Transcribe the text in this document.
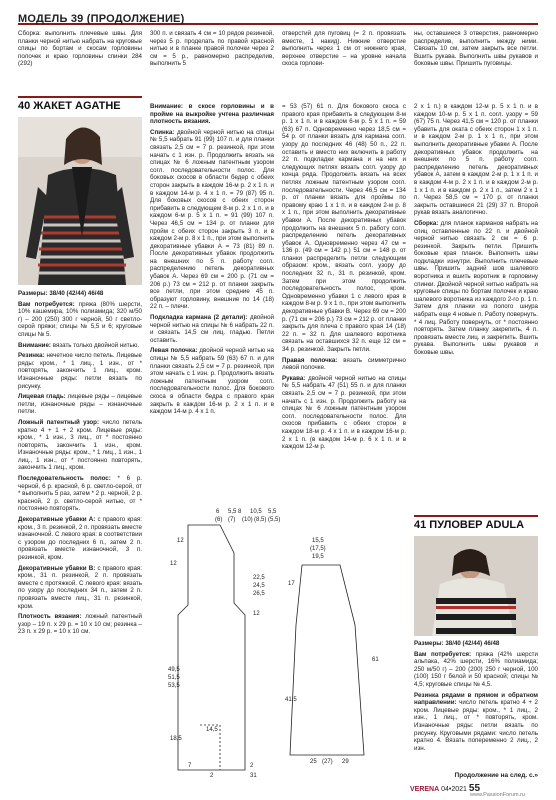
МОДЕЛЬ 39 (ПРОДОЛЖЕНИЕ)
Сборка: выполнить плечевые швы. Для планки черной нитью набрать на круговые спицы по бортам и скосам горловины полочек и краю горловины спинки 284 (292)
300 п. и связать 4 см = 10 рядов резинкой, через 5 р. проделать по правой красной нитью и в планке правой полочки через 2 см = 5 р., равномерно распределив, выполнить 5
отверстий для пуговиц (= 2 п. провязать вместе, 1 накид). Нижние отверстие выполнить через 1 см от нижнего края, верхнее отверстие – на уровне начала скоса горлови-
ны, оставшиеся 3 отверстия, равномерно распределив, выполнить между ними. Связать 10 см, затем закрыть все петли. Вшить рукава. Выполнить швы рукавов и боковые швы. Пришить пуговицы.
40 ЖАКЕТ AGATHE

Размеры: 38/40 (42/44) 46/48

Вам потребуется: пряжа (80% шерсти, 10% кашемира, 10% полиамида; 320 м/50 г) – 200 (250) 300 г черной, 50 г светло-серой пряжи; спицы № 5,5 и 6; круговые спицы № 5.

Внимание: вязать только двойной нитью.

Резинка: нечетное число петель. Лицевые ряды: кром., * 1 лиц., 1 изн., от * повторять, закончить 1 лиц., кром. Изнаночные ряды: петли вязать по рисунку.

Лицевая гладь: лицевые ряды – лицевые петли, изнаночные ряды – изнаночные петли.

Ложный патентный узор: число петель кратно 4 + 1 + 2 кром. Лицевые ряды: кром., * 1 изн., 3 лиц., от * постоянно повторять, закончить 1 изн., кром. Изнаночные ряды: кром., * 1 лиц., 1 изн., 1 лиц., 1 изн., от * постоянно повторять, закончить 1 лиц., кром.

Последовательность полос: * 6 р. черной, 6 р. красной, 6 р. светло-серой, от * выполнить 5 раз, затем * 2 р. черной, 2 р. красной, 2 р. светло-серой нитью, от * постоянно повторять.

Декоративные убавки А: с правого края: кром., 3 п. резинкой, 2 п. провязать вместе изнаночной. С левого края: в соответствии с узором до последних 6 п., затем 2 п. провязать вместе изнаночной, 3 п. резинкой, кром.

Декоративные убавки В: с правого края: кром., 31 п. резинкой, 2 п. провязать вместе с протяжкой. С левого края: вязать по узору до последних 34 п., затем 2 п. провязать вместе лиц., 31 п. резинкой, кром.

Плотность вязания: ложный патентный узор – 19 п. x 29 р. = 10 x 10 см; резинка – 23 п. x 29 р. = 10 x 10 см.

Внимание: в скосе горловины и в пройме на выкройке учтена различная плотность вязания.

Спинка: двойной черной нитью на спицы № 5,5 набрать 91 (99) 107 п. и для планки связать 2,5 см = 7 р. резинкой, при этом начать с 1 изн. р. Продолжить вязать на спицах № 6 ложным патентным узором согл. последовательности полос. Для боковых скосов в области бедер с обеих сторон закрыть в каждом 16-м р. 2 x 1 п. и в каждом 14-м р. 4 x 1 п. = 79 (87) 95 п. Для боковых скосов с обеих сторон прибавить в следующем 8-м р. 2 x 1 п. и в каждом 6-м р. 5 x 1 п. = 91 (99) 107 п. Через 46,5 см = 134 р. от планки для пройм с обеих сторон закрыть 3 п. и в каждом 2-м р. 8 x 1 п., при этом выполнить декоративные убавки А = 73 (81) 89 п. После декоративных убавок продолжить на внешних по 5 п. работу согл. распределению петель декоративных убавок А. Через 69 см = 200 р. (71 см = 206 р.) 73 см = 212 р. от планки закрыть все петли, при этом средние 45 п. образуют горловину, внешние по 14 (18) 22 п. – плечи.

Подкладка кармана (2 детали): двойной черной нитью на спицы № 6 набрать 22 п. и связать 14,5 см лиц. гладью. Петли оставить.

Левая полочка: двойной черной нитью на спицы № 5,5 набрать 59 (63) 67 п. и для планки связать 2,5 см = 7 р. резинкой, при этом начать с 1 изн. р. Продолжить вязать ложным патентным узором согл. последовательности полос. Для бокового скоса в области бедра с правого края закрыть в каждом 16-м р. 2 x 1 п. и в каждом 14-м р. 4 x 1 п.

= 53 (57) 61 п. Для бокового скоса с правого края прибавить в следующем 8-м р. 1 x 1 п. и в каждом 6-м р. 5 x 1 п. = 59 (63) 67 п. Одновременно через 18,5 см = 54 р. от планки вязать для кармана согл. узору до последних 46 (48) 50 п., 22 п. оставить и вместо них включить в работу 22 п. подкладки кармана и на них и следующих петлях вязать согл. узору до конца ряда. Продолжить вязать на всех петлях ложным патентным узором согл. последовательности. Через 46,5 см = 134 р. от планки вязать для проймы по правому краю 1 x 1 п. и в каждом 2-м р. 8 x 1 п., при этом выполнить декоративные убавки А. После декоративных убавок продолжить на внешних 5 п. работу согл. распределению петель декоративных убавок А. Одновременно через 47 см = 136 р. (49 см = 142 р.) 51 см = 148 р. от планки распределить петли следующим образом: кром., вязать согл. узору до последних 32 п., 31 п. резинкой, кром. Затем при этом продолжить последовательность полос, кром. Одновременно убавки 1 с левого края в каждом 8-м р. 9 x 1 п., при этом выполнить декоративные убавки В. Через 69 см = 200 р. (71 см = 206 р.) 73 см = 212 р. от планки закрыть для плеча с правого края 14 (18) 22 п. = 32 п. Для шалевого воротника связать на оставшихся 32 п. еще 12 см = 34 р. резинкой. Закрыть петли.

Правая полочка: вязать симметрично левой полочке.

Рукава: двойной черной нитью на спицы № 5,5 набрать 47 (51) 55 п. и для планки связать 2,5 см = 7 р. резинкой, при этом начать с 1 изн. р. Продолжить работу на спицах № 6 ложным патентным узором согл. последовательности полос. Для скосов прибавить с обеих сторон в каждом 18-м р. 4 x 1 п. и в каждом 16-м р. 2 x 1 п. (в каждом 14-м р. 6 x 1 п. и в каждом 12-м р.

2 x 1 п.) в каждом 12-м р. 5 x 1 п. и в каждом 10-м р. 5 x 1 п. согл. узору = 59 (67) 75 п. Через 41,5 см = 120 р. от планки убавить для оката с обеих сторон 1 x 1 п. и в каждом 2-м р. 1 x 1 п., при этом выполнить декоративные убавки А. После декоративных убавок продолжить на внешних по 5 п. работу согл. распределению петель декоративных убавок А, затем в каждом 2-м р. 1 x 1 п. и в каждом 4-м р. 2 x 1 п. и в каждом 2-м р. 1 x 1 п. и в каждом р. 2 x 1 п., затем 2 x 1 п. Через 58,5 см = 170 р. от планки закрыть оставшиеся 21 (29) 37 п. Второй рукав вязать аналогично.

Сборка: для планок карманов набрать на спиц оставленные по 22 п. и двойной черной нитью связать 2 см = 6 р. резинкой. Закрыть петли. Пришить боковые края планок. Выполнить швы подкладки изнутри. Выполнить плечевые швы. Пришить задний шов шалевого воротника и вшить воротник в горловину спинки. Двойной черной нитью набрать на круговые спицы по бортам полочек и краю шалевого воротника из каждого 2-го р. 1 п. Затем для планки из полого шнура набрать еще 4 новые п. Работу повернуть. * 4 лиц. Работу повернуть, от * постоянно повторять. Затем планку закрепить, 4 п. провязать вместе лиц. и закрепить. Вшить рукава. Выполнить швы рукавов и боковые швы.

6 5,5 8 10,5 5,5
(6) (7) (10) (8,5) (5,5)
12
22,5
24,5
26,5
12
12
18,5
49,5
51,5
53,5
7	2
14,5
2	31
15,5
(17,5)
19,5
17
41,5
61
25 (27) 29
41 ПУЛОВЕР ADULA

Размеры: 38/40 (42/44) 46/48

Вам потребуется: пряжа (42% шерсти альпака, 42% шерсти, 16% полиамида; 250 м/50 г) – 200 (200) 250 г черной, 100 (100) 150 г белой и 50 красной; спицы № 4,5; круговые спицы № 4,5.

Резинка рядами в прямом и обратном направлении: число петель кратно 4 + 2 кром. Лицевые ряды: кром., * 1 лиц., 2 изн., 1 лиц., от * повторять, кром. Изнаночные ряды: петли вязать по рисунку. Круговыми рядами: число петель кратно 4. Вязать попеременно 2 лиц., 2 изн.

Продолжение на след. с.»
VERENA 04•2021 55
www.PassionForum.ru
